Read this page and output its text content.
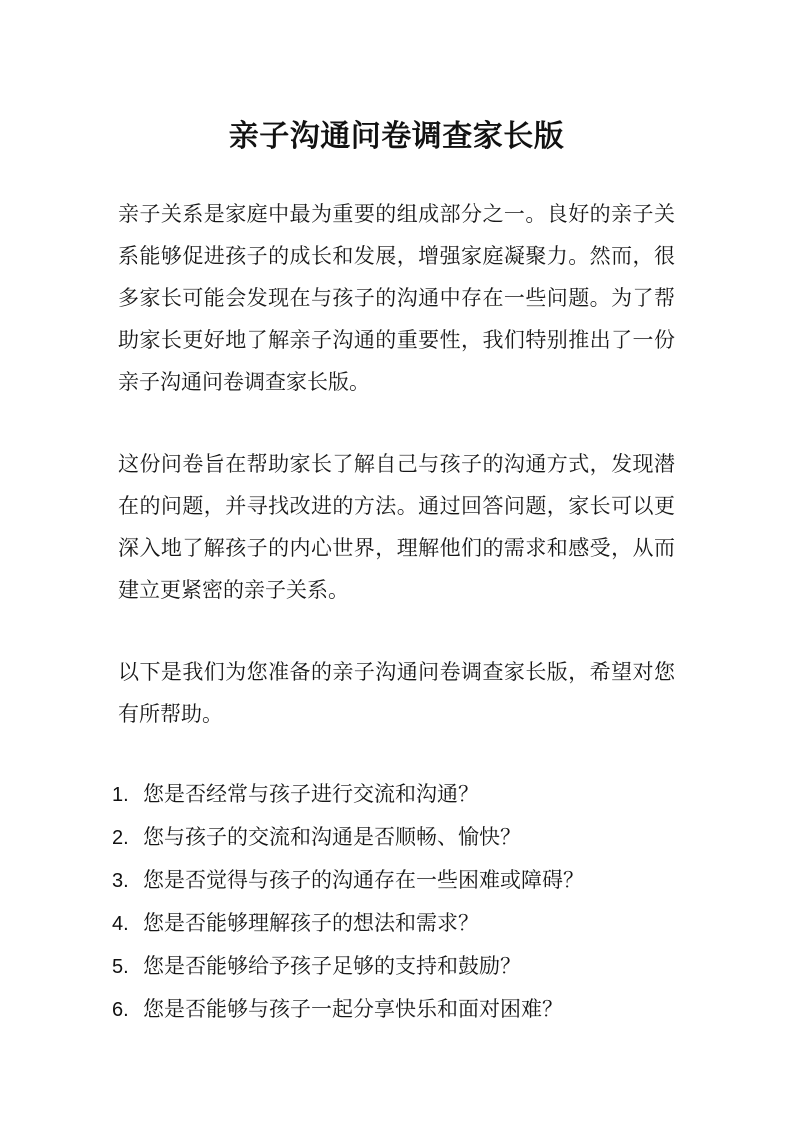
亲子沟通问卷调查家长版

亲子关系是家庭中最为重要的组成部分之一。良好的亲子关系能够促进孩子的成长和发展，增强家庭凝聚力。然而，很多家长可能会发现在与孩子的沟通中存在一些问题。为了帮助家长更好地了解亲子沟通的重要性，我们特别推出了一份亲子沟通问卷调查家长版。

这份问卷旨在帮助家长了解自己与孩子的沟通方式，发现潜在的问题，并寻找改进的方法。通过回答问题，家长可以更深入地了解孩子的内心世界，理解他们的需求和感受，从而建立更紧密的亲子关系。

以下是我们为您准备的亲子沟通问卷调查家长版，希望对您有所帮助。

1. 您是否经常与孩子进行交流和沟通？
2. 您与孩子的交流和沟通是否顺畅、愉快？
3. 您是否觉得与孩子的沟通存在一些困难或障碍？
4. 您是否能够理解孩子的想法和需求？
5. 您是否能够给予孩子足够的支持和鼓励？
6. 您是否能够与孩子一起分享快乐和面对困难？
